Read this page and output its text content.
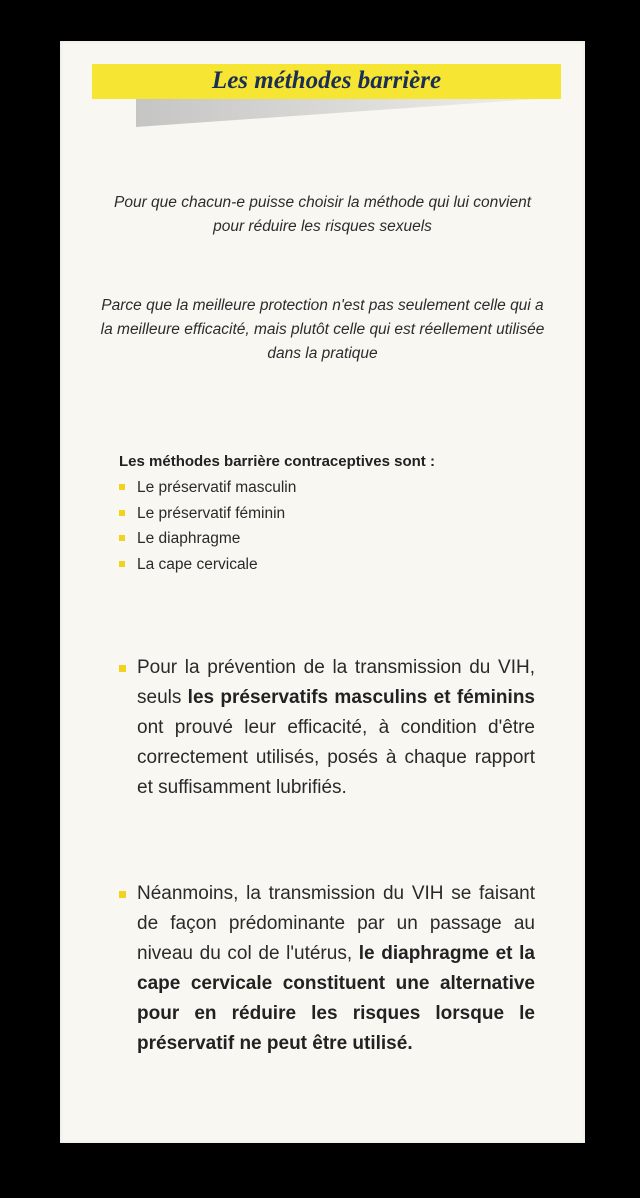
Les méthodes barrière
Pour que chacun-e puisse choisir la méthode qui lui convient pour réduire les risques sexuels
Parce que la meilleure protection n'est pas seulement celle qui a la meilleure efficacité, mais plutôt celle qui est réellement utilisée dans la pratique
Les méthodes barrière contraceptives sont :
Le préservatif masculin
Le préservatif féminin
Le diaphragme
La cape cervicale
Pour la prévention de la transmission du VIH, seuls les préservatifs masculins et féminins ont prouvé leur efficacité, à condition d'être correctement utilisés, posés à chaque rapport et suffisamment lubrifiés.
Néanmoins, la transmission du VIH se faisant de façon prédominante par un passage au niveau du col de l'utérus, le diaphragme et la cape cervicale constituent une alternative pour en réduire les risques lorsque le préservatif ne peut être utilisé.
